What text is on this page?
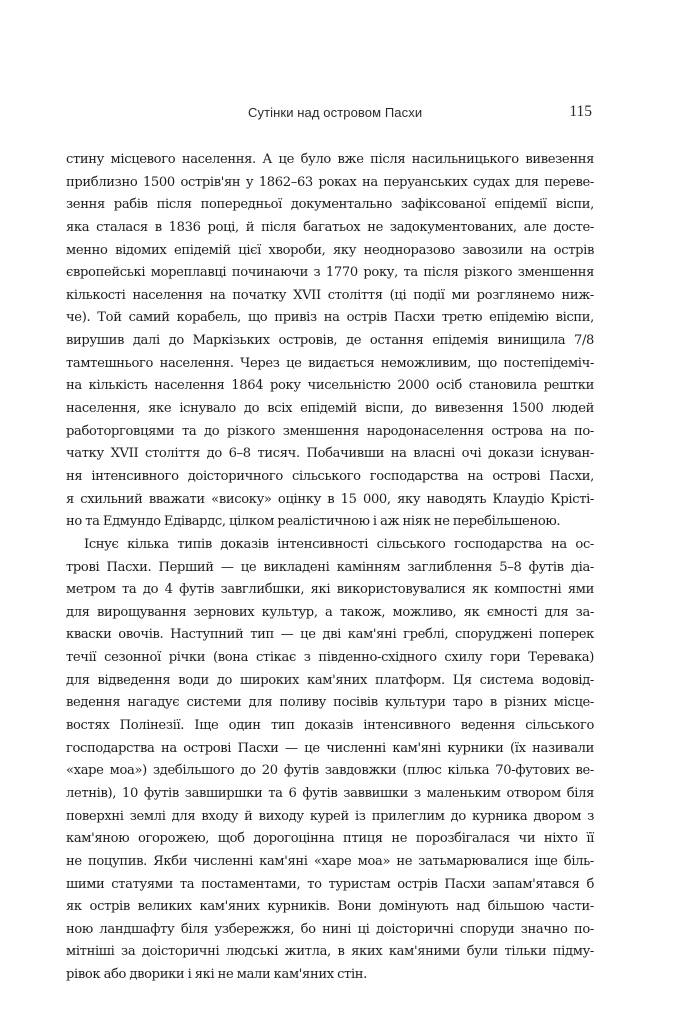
Сутінки над островом Пасхи	115
стину місцевого населення. А це було вже після насильницького вивезення
приблизно 1500 острів'ян у 1862–63 роках на перуанських судах для переве-
зення рабів після попередньої документально зафіксованої епідемії віспи,
яка сталася в 1836 році, й після багатьох не задокументованих, але досте-
менно відомих епідемій цієї хвороби, яку неодноразово завозили на острів
європейські мореплавці починаючи з 1770 року, та після різкого зменшення
кількості населення на початку XVII століття (ці події ми розглянемо ниж-
че). Той самий корабель, що привіз на острів Пасхи третю епідемію віспи,
вирушив далі до Маркізьких островів, де остання епідемія винищила 7/8
тамтешнього населення. Через це видається неможливим, що постепідеміч-
на кількість населення 1864 року чисельністю 2000 осіб становила рештки
населення, яке існувало до всіх епідемій віспи, до вивезення 1500 людей
работорговцями та до різкого зменшення народонаселення острова на по-
чатку XVII століття до 6–8 тисяч. Побачивши на власні очі докази існуван-
ня інтенсивного доісторичного сільського господарства на острові Пасхи,
я схильний вважати «високу» оцінку в 15 000, яку наводять Клаудіо Крісті-
но та Едмундо Едівардс, цілком реалістичною і аж ніяк не перебільшеною.
Існує кілька типів доказів інтенсивності сільського господарства на ос-
трові Пасхи. Перший — це викладені камінням заглиблення 5–8 футів діа-
метром та до 4 футів завглибшки, які використовувалися як компостні ями
для вирощування зернових культур, а також, можливо, як ємності для за-
кваски овочів. Наступний тип — це дві кам'яні греблі, споруджені поперек
течії сезонної річки (вона стікає з південно-східного схилу гори Теревака)
для відведення води до широких кам'яних платформ. Ця система водовід-
ведення нагадує системи для поливу посівів культури таро в різних місце-
востях Полінезії. Іще один тип доказів інтенсивного ведення сільського
господарства на острові Пасхи — це численні кам'яні курники (їх називали
«харе моа») здебільшого до 20 футів завдовжки (плюс кілька 70-футових ве-
летнів), 10 футів завширшки та 6 футів заввишки з маленьким отвором біля
поверхні землі для входу й виходу курей із прилеглим до курника двором з
кам'яною огорожею, щоб дорогоцінна птиця не порозбігалася чи ніхто її
не поцупив. Якби численні кам'яні «харе моа» не затьмарювалися іще біль-
шими статуями та постаментами, то туристам острів Пасхи запам'ятався б
як острів великих кам'яних курників. Вони домінують над більшою части-
ною ландшафту біля узбережжя, бо нині ці доісторичні споруди значно по-
мітніші за доісторичні людські житла, в яких кам'яними були тільки підму-
рівок або дворики і які не мали кам'яних стін.
